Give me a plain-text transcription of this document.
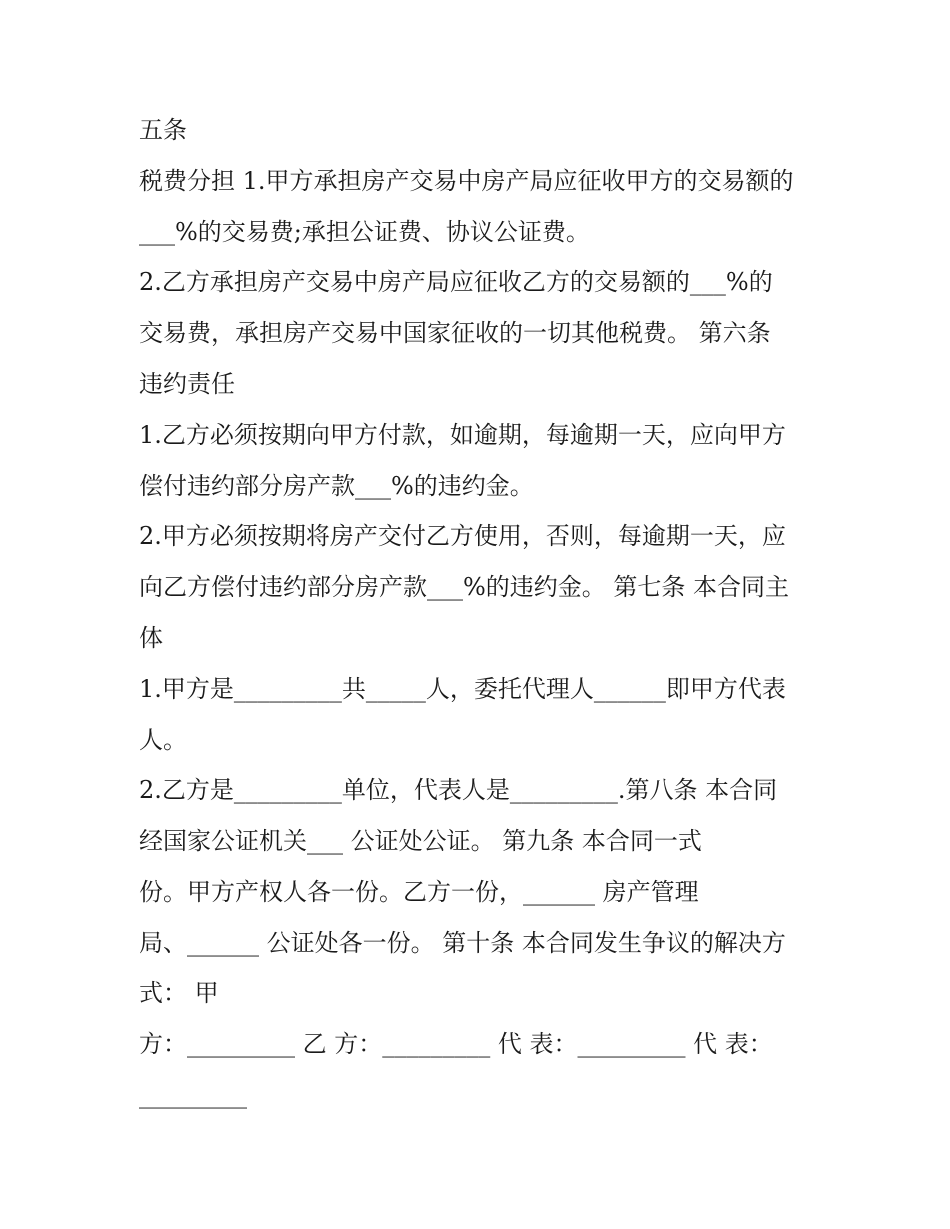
五条
税费分担 1.甲方承担房产交易中房产局应征收甲方的交易额的
___%的交易费;承担公证费、协议公证费。
2.乙方承担房产交易中房产局应征收乙方的交易额的___%的
交易费，承担房产交易中国家征收的一切其他税费。 第六条
违约责任
1.乙方必须按期向甲方付款，如逾期，每逾期一天，应向甲方
偿付违约部分房产款___%的违约金。
2.甲方必须按期将房产交付乙方使用，否则，每逾期一天，应
向乙方偿付违约部分房产款___%的违约金。 第七条 本合同主
体
1.甲方是_________共_____人，委托代理人______即甲方代表
人。
2.乙方是_________单位，代表人是_________.第八条 本合同
经国家公证机关___ 公证处公证。 第九条 本合同一式
份。甲方产权人各一份。乙方一份，______ 房产管理
局、______ 公证处各一份。 第十条 本合同发生争议的解决方
式： 甲
方：_________ 乙 方：_________ 代 表：_________ 代 表：
_________
